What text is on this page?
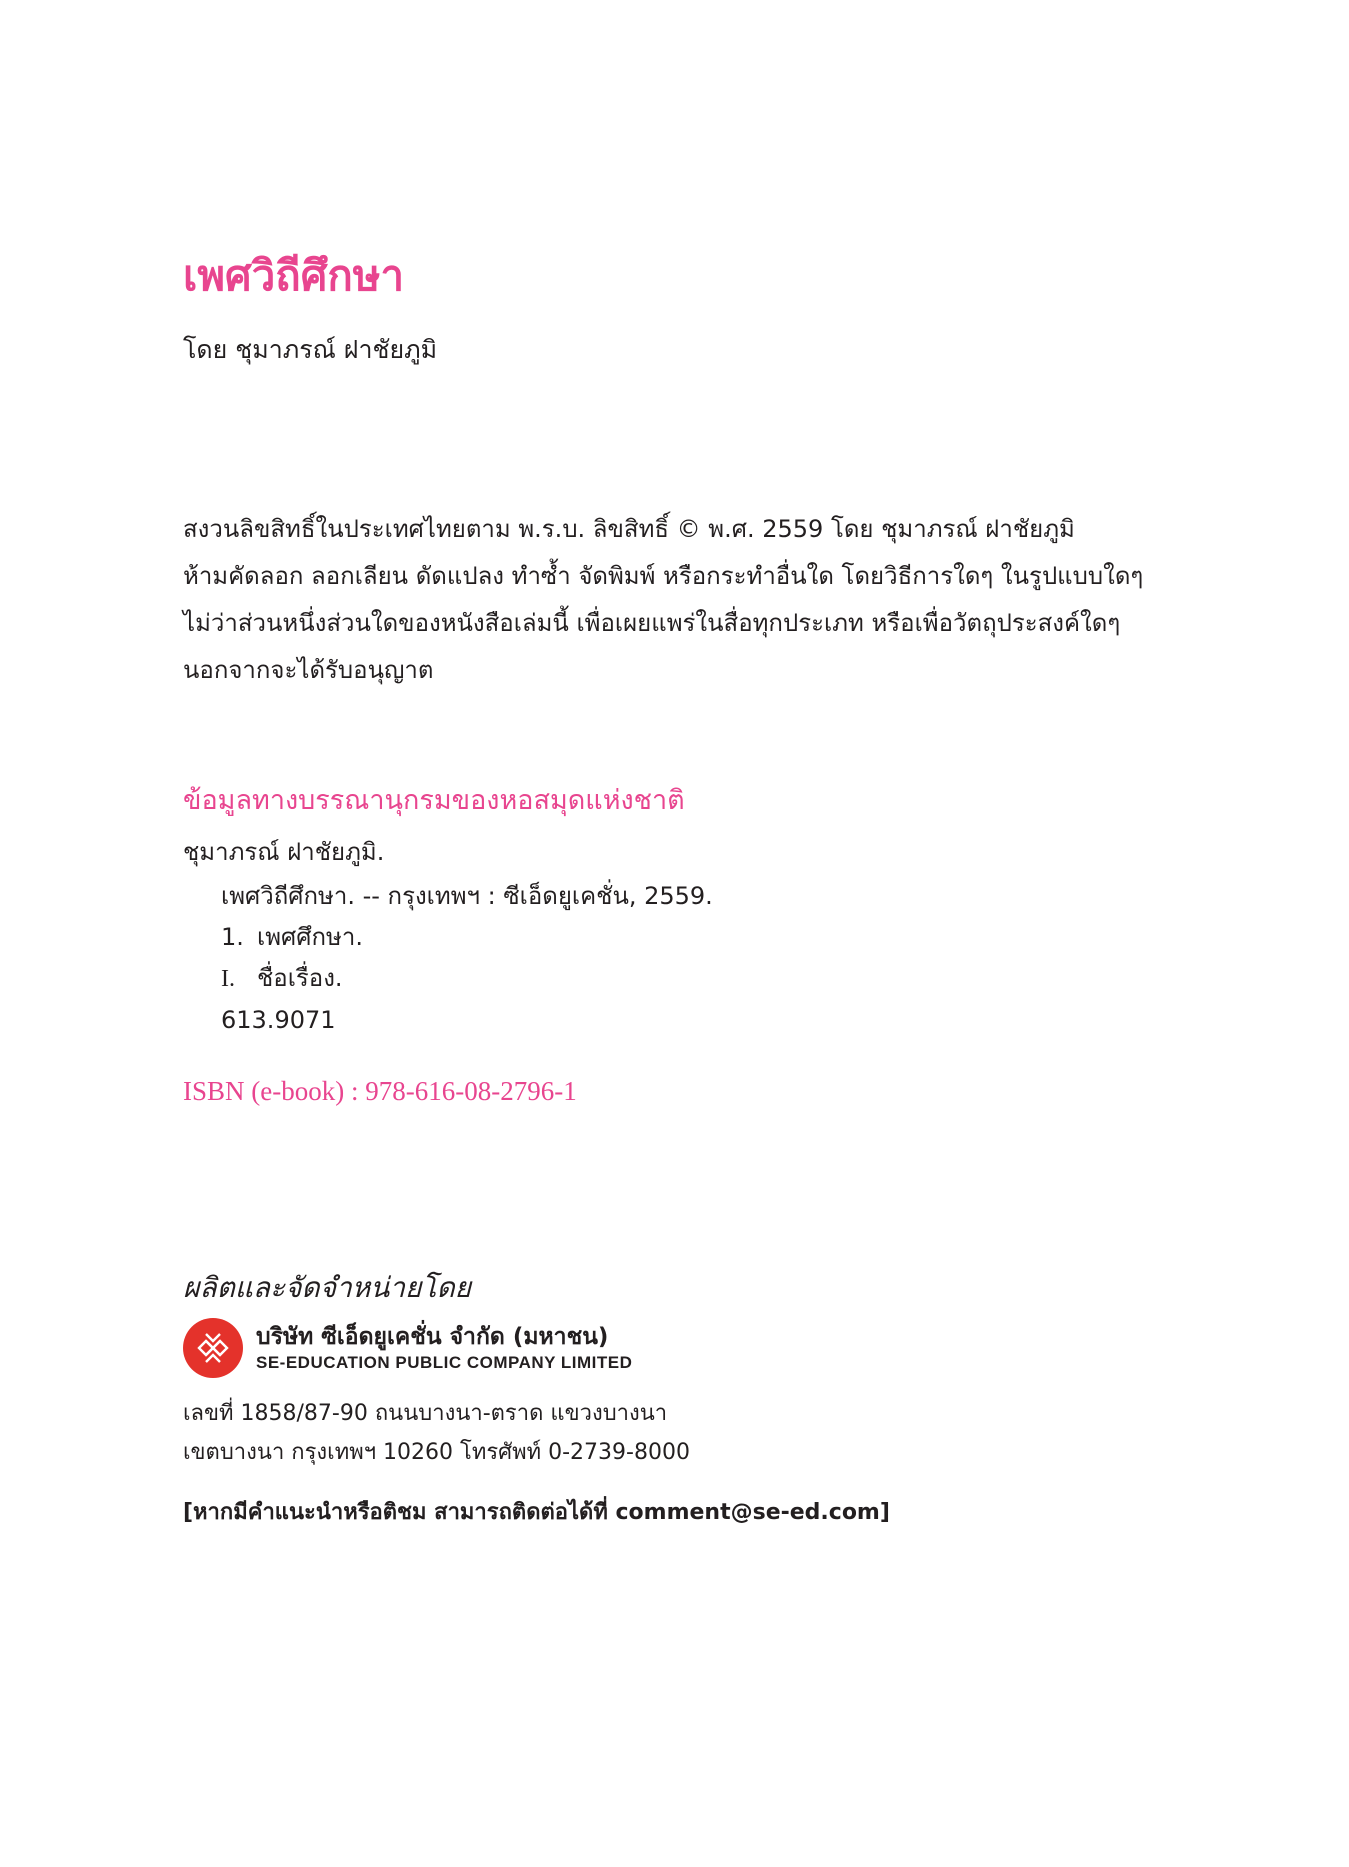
เพศวิถีศึกษา
โดย ชุมาภรณ์ ฝาชัยภูมิ
สงวนลิขสิทธิ์ในประเทศไทยตาม พ.ร.บ. ลิขสิทธิ์ © พ.ศ. 2559 โดย ชุมาภรณ์ ฝาชัยภูมิ
ห้ามคัดลอก ลอกเลียน ดัดแปลง ทำซ้ำ จัดพิมพ์ หรือกระทำอื่นใด โดยวิธีการใดๆ ในรูปแบบใดๆ
ไม่ว่าส่วนหนึ่งส่วนใดของหนังสือเล่มนี้ เพื่อเผยแพร่ในสื่อทุกประเภท หรือเพื่อวัตถุประสงค์ใดๆ
นอกจากจะได้รับอนุญาต
ข้อมูลทางบรรณานุกรมของหอสมุดแห่งชาติ
ชุมาภรณ์ ฝาชัยภูมิ.
เพศวิถีศึกษา. -- กรุงเทพฯ : ซีเอ็ดยูเคชั่น, 2559.
1. เพศศึกษา.
I. ชื่อเรื่อง.
613.9071
ISBN (e-book) : 978-616-08-2796-1
ผลิตและจัดจำหน่ายโดย
บริษัท ซีเอ็ดยูเคชั่น จำกัด (มหาชน)
SE-EDUCATION PUBLIC COMPANY LIMITED
เลขที่ 1858/87-90 ถนนบางนา-ตราด แขวงบางนา
เขตบางนา กรุงเทพฯ 10260 โทรศัพท์ 0-2739-8000
[หากมีคำแนะนำหรือติชม สามารถติดต่อได้ที่ comment@se-ed.com]
